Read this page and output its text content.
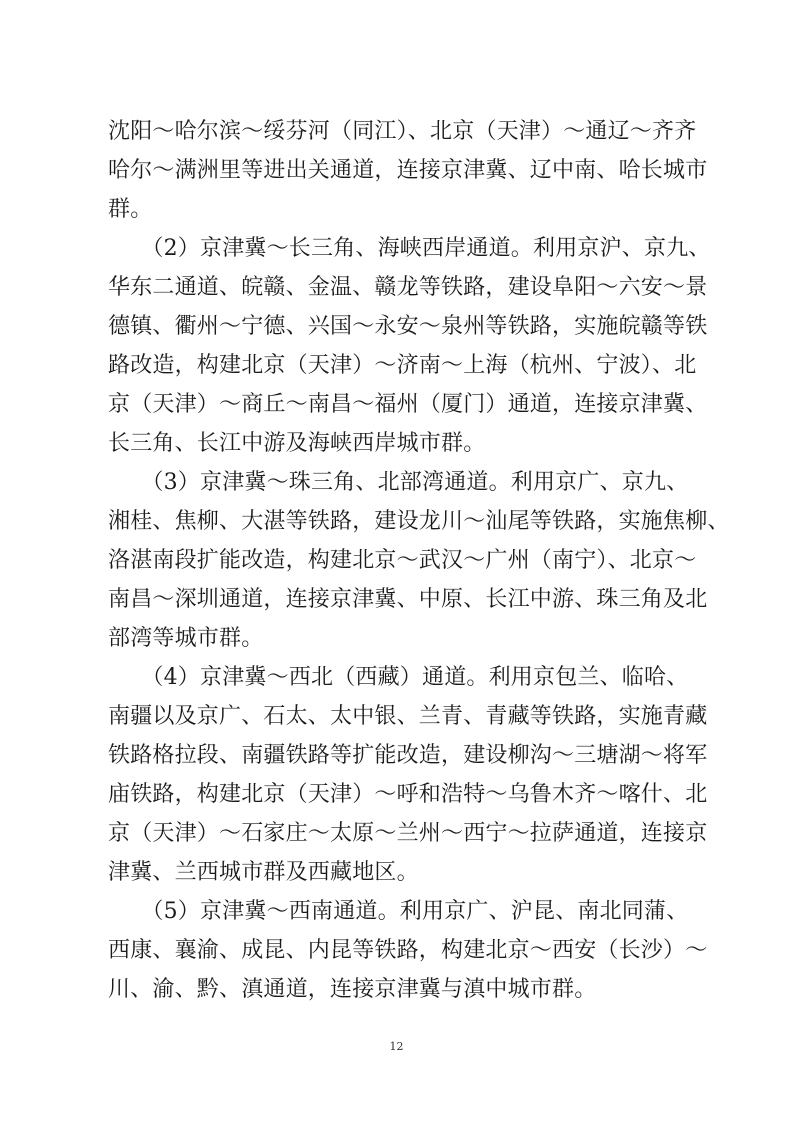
沈阳～哈尔滨～绥芬河（同江）、北京（天津）～通辽～齐齐
哈尔～满洲里等进出关通道，连接京津冀、辽中南、哈长城市
群。
　　（2）京津冀～长三角、海峡西岸通道。利用京沪、京九、
华东二通道、皖赣、金温、赣龙等铁路，建设阜阳～六安～景
德镇、衢州～宁德、兴国～永安～泉州等铁路，实施皖赣等铁
路改造，构建北京（天津）～济南～上海（杭州、宁波）、北
京（天津）～商丘～南昌～福州（厦门）通道，连接京津冀、
长三角、长江中游及海峡西岸城市群。
　　（3）京津冀～珠三角、北部湾通道。利用京广、京九、
湘桂、焦柳、大湛等铁路，建设龙川～汕尾等铁路，实施焦柳、
洛湛南段扩能改造，构建北京～武汉～广州（南宁）、北京～
南昌～深圳通道，连接京津冀、中原、长江中游、珠三角及北
部湾等城市群。
　　（4）京津冀～西北（西藏）通道。利用京包兰、临哈、
南疆以及京广、石太、太中银、兰青、青藏等铁路，实施青藏
铁路格拉段、南疆铁路等扩能改造，建设柳沟～三塘湖～将军
庙铁路，构建北京（天津）～呼和浩特～乌鲁木齐～喀什、北
京（天津）～石家庄～太原～兰州～西宁～拉萨通道，连接京
津冀、兰西城市群及西藏地区。
　　（5）京津冀～西南通道。利用京广、沪昆、南北同蒲、
西康、襄渝、成昆、内昆等铁路，构建北京～西安（长沙）～
川、渝、黔、滇通道，连接京津冀与滇中城市群。
12
